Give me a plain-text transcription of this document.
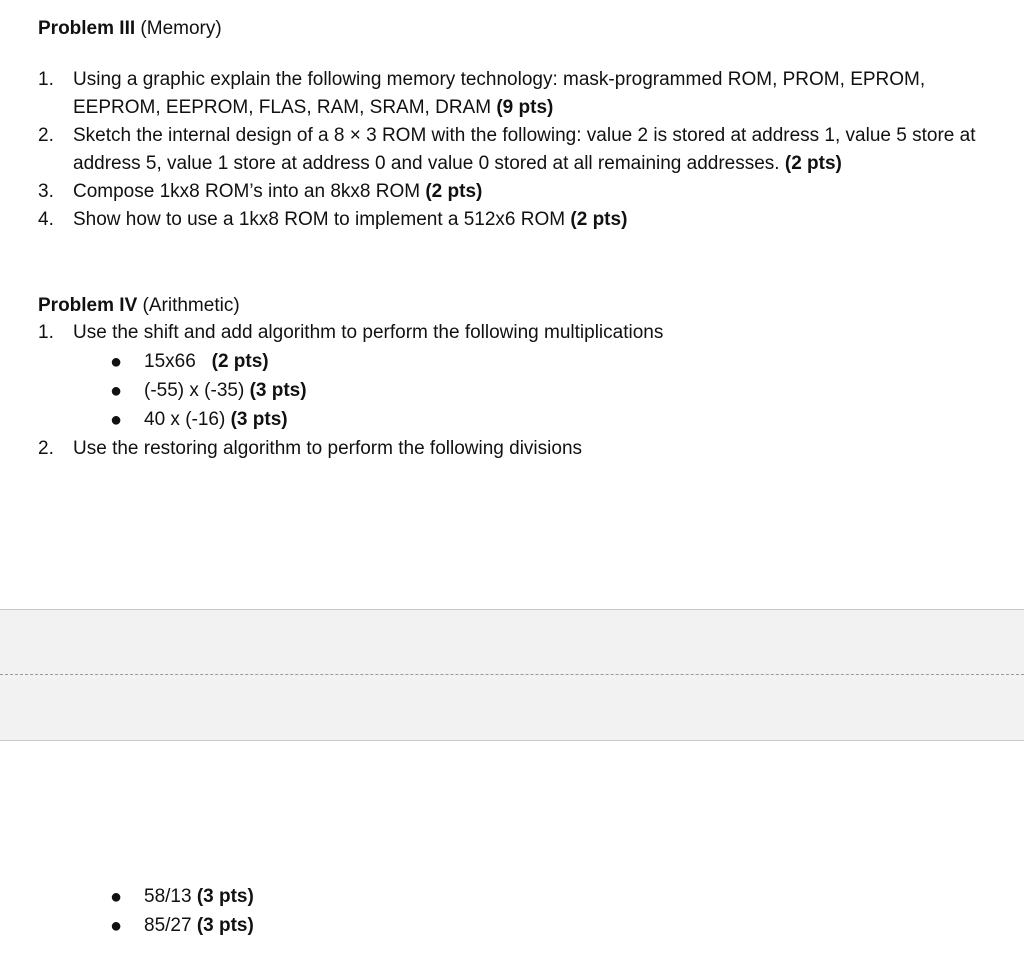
Problem III (Memory)
1.	Using a graphic explain the following memory technology: mask-programmed ROM, PROM, EPROM, EEPROM, EEPROM, FLAS, RAM, SRAM, DRAM (9 pts)
2.	Sketch the internal design of a 8 × 3 ROM with the following: value 2 is stored at address 1, value 5 store at address 5, value 1 store at address 0 and value 0 stored at all remaining addresses. (2 pts)
3.	Compose 1kx8 ROM’s into an 8kx8 ROM (2 pts)
4.	Show how to use a 1kx8 ROM to implement a 512x6 ROM (2 pts)
Problem IV (Arithmetic)
1.	Use the shift and add algorithm to perform the following multiplications
●	15x66 (2 pts)
●	(-55) x (-35) (3 pts)
●	40 x (-16) (3 pts)
2.	Use the restoring algorithm to perform the following divisions
●	58/13 (3 pts)
●	85/27 (3 pts)
